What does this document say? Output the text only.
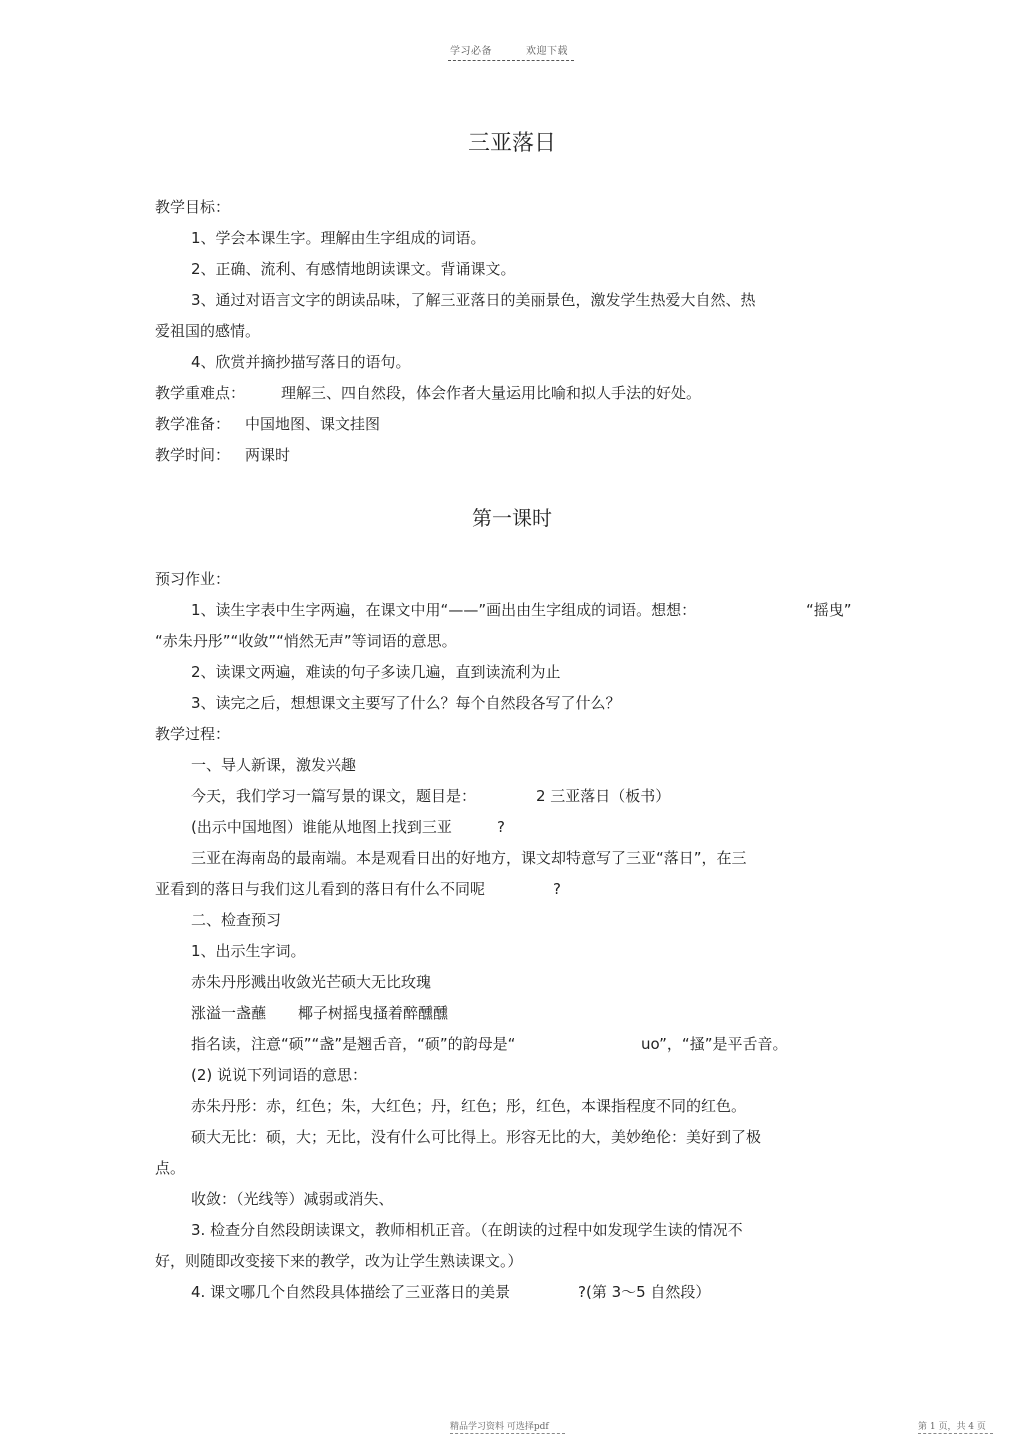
学习必备	欢迎下载
三亚落日
教学目标：
1、学会本课生字。理解由生字组成的词语。
2、正确、流利、有感情地朗读课文。背诵课文。
3、通过对语言文字的朗读品味，了解三亚落日的美丽景色，激发学生热爱大自然、热
爱祖国的感情。
4、欣赏并摘抄描写落日的语句。
教学重难点： 理解三、四自然段，体会作者大量运用比喻和拟人手法的好处。
教学准备： 中国地图、课文挂图
教学时间： 两课时
第一课时
预习作业：
1、读生字表中生字两遍，在课文中用“——”画出由生字组成的词语。想想：	“摇曳”
“赤朱丹彤”“收敛”“悄然无声”等词语的意思。
2、读课文两遍，难读的句子多读几遍，直到读流利为止
3、读完之后，想想课文主要写了什么？每个自然段各写了什么？
教学过程：
一、导人新课，激发兴趣
今天，我们学习一篇写景的课文，题目是：	2 三亚落日（板书）
(出示中国地图）谁能从地图上找到三亚	?
三亚在海南岛的最南端。本是观看日出的好地方，课文却特意写了三亚“落日”，在三
亚看到的落日与我们这儿看到的落日有什么不同呢	?
二、检查预习
1、出示生字词。
赤朱丹彤溅出收敛光芒硕大无比玫瑰
涨溢一盏蘸 椰子树摇曳搔着醉醺醺
指名读，注意“硕”“盏”是翘舌音，“硕”的韵母是“	uo”，“搔”是平舌音。
(2) 说说下列词语的意思：
赤朱丹彤：赤，红色；朱，大红色；丹，红色；彤，红色，本课指程度不同的红色。
硕大无比：硕，大；无比，没有什么可比得上。形容无比的大，美妙绝伦：美好到了极
点。
收敛：（光线等）减弱或消失、
3. 检查分自然段朗读课文，教师相机正音。（在朗读的过程中如发现学生读的情况不
好，则随即改变接下来的教学，改为让学生熟读课文。）
4. 课文哪几个自然段具体描绘了三亚落日的美景	?(第 3～5 自然段）
精品学习资料 可选择pdf	第 1 页，共 4 页
